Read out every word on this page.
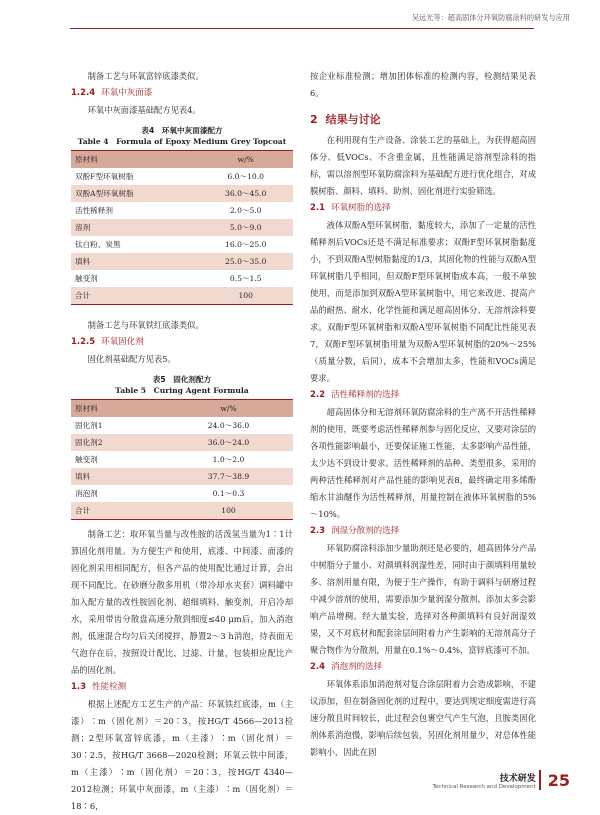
吴远光等：超高固体分环氧防腐涂料的研发与应用

制备工艺与环氧富锌底漆类似。

1.2.4 环氧中灰面漆

环氧中灰面漆基础配方见表4。

表4　环氧中灰面漆配方
Table 4　Formula of Epoxy Medium Grey Topcoat
原材料	w/%
双酚F型环氧树脂	6.0～10.0
双酚A型环氧树脂	36.0～45.0
活性稀释剂	2.0～5.0
溶剂	5.0～9.0
钛白粉、炭黑	16.0～25.0
填料	25.0～35.0
触变剂	0.5～1.5
合计	100

制备工艺与环氧铁红底漆类似。

1.2.5 环氧固化剂

固化剂基础配方见表5。

表5　固化剂配方
Table 5　Curing Agent Formula
原材料	w/%
固化剂1	24.0～36.0
固化剂2	36.0～24.0
触变剂	1.0～2.0
填料	37.7～38.9
消泡剂	0.1～0.3
合计	100

制备工艺：取环氧当量与改性胺的活泼氢当量为1∶1计算固化剂用量。为方便生产和使用，底漆、中间漆、面漆的固化剂采用相同配方，但各产品的使用配比通过计算，会出现不同配比。在砂磨分散多用机（带冷却水夹套）调料罐中加入配方量的改性胺固化剂、超细填料、触变剂，开启冷却水，采用带齿分散盘高速分散到细度≤40 μm后，加入消泡剂，低速混合均匀后关闭搅拌，静置2～3 h消泡，待表面无气泡存在后，按照设计配比，过滤、计量，包装相应配比产品的固化剂。

1.3 性能检测

根据上述配方工艺生产的产品：环氧铁红底漆，m（主漆）∶m（固化剂）＝20∶3，按HG/T 4566—2013检测；2型环氧富锌底漆，m（主漆）∶m（固化剂）＝30∶2.5，按HG/T 3668—2020检测；环氧云铁中间漆，m（主漆）∶m（固化剂）＝20∶3，按HG/T 4340—2012检测；环氧中灰面漆，m（主漆）∶m（固化剂）＝18∶6，

按企业标准检测；增加团体标准的检测内容，检测结果见表6。

2 结果与讨论

在利用现有生产设备、涂装工艺的基础上，为获得超高固体分、低VOCs、不含重金属，且性能满足溶剂型涂料的指标，需以溶剂型环氧防腐涂料为基础配方进行优化组合，对成膜树脂、颜料、填料、助剂、固化剂进行实验筛选。

2.1 环氧树脂的选择

液体双酚A型环氧树脂，黏度较大，添加了一定量的活性稀释剂后VOCs还是不满足标准要求；双酚F型环氧树脂黏度小，不到双酚A型树脂黏度的1/3，其固化物的性能与双酚A型环氧树脂几乎相同，但双酚F型环氧树脂成本高，一般不单独使用，而是添加到双酚A型环氧树脂中，用它来改进、提高产品的耐热、耐水、化学性能和满足超高固体分、无溶剂涂料要求。双酚F型环氧树脂和双酚A型环氧树脂不同配比性能见表7，双酚F型环氧树脂用量为双酚A型环氧树脂的20%～25%（质量分数，后同），成本不会增加太多，性能和VOCs满足要求。

2.2 活性稀释剂的选择

超高固体分和无溶剂环氧防腐涂料的生产离不开活性稀释剂的使用，既要考虑活性稀释剂参与固化反应，又要对涂层的各项性能影响最小，还要保证施工性能，太多影响产品性能，太少达不到设计要求。活性稀释剂的品种、类型很多，采用的两种活性稀释剂对产品性能的影响见表8，最终确定用多烯酚缩水甘油醚作为活性稀释剂，用量控制在液体环氧树脂的5%～10%。

2.3 润湿分散剂的选择

环氧防腐涂料添加少量助剂还是必要的，超高固体分产品中树脂分子量小、对颜填料润湿性差，同时由于颜填料用量较多、溶剂用量有限，为便于生产操作，有助于调料与研磨过程中减少溶剂的使用，需要添加少量润湿分散剂，添加太多会影响产品增稠。经大量实验，选择对各种颜填料有良好润湿效果，又不对底材和配套涂层间附着力产生影响的无溶剂高分子聚合物作为分散剂，用量在0.1%～0.4%，富锌底漆可不加。

2.4 消泡剂的选择

环氧体系添加消泡剂对复合涂层附着力会造成影响，不建议添加，但在制备固化剂的过程中，要达到规定细度需进行高速分散且时间较长，此过程会包裹空气产生气泡，且胺类固化剂体系消泡慢，影响后续包装，另固化剂用量少，对总体性能影响小，因此在固

技术研发
Technical Research and Development 25
